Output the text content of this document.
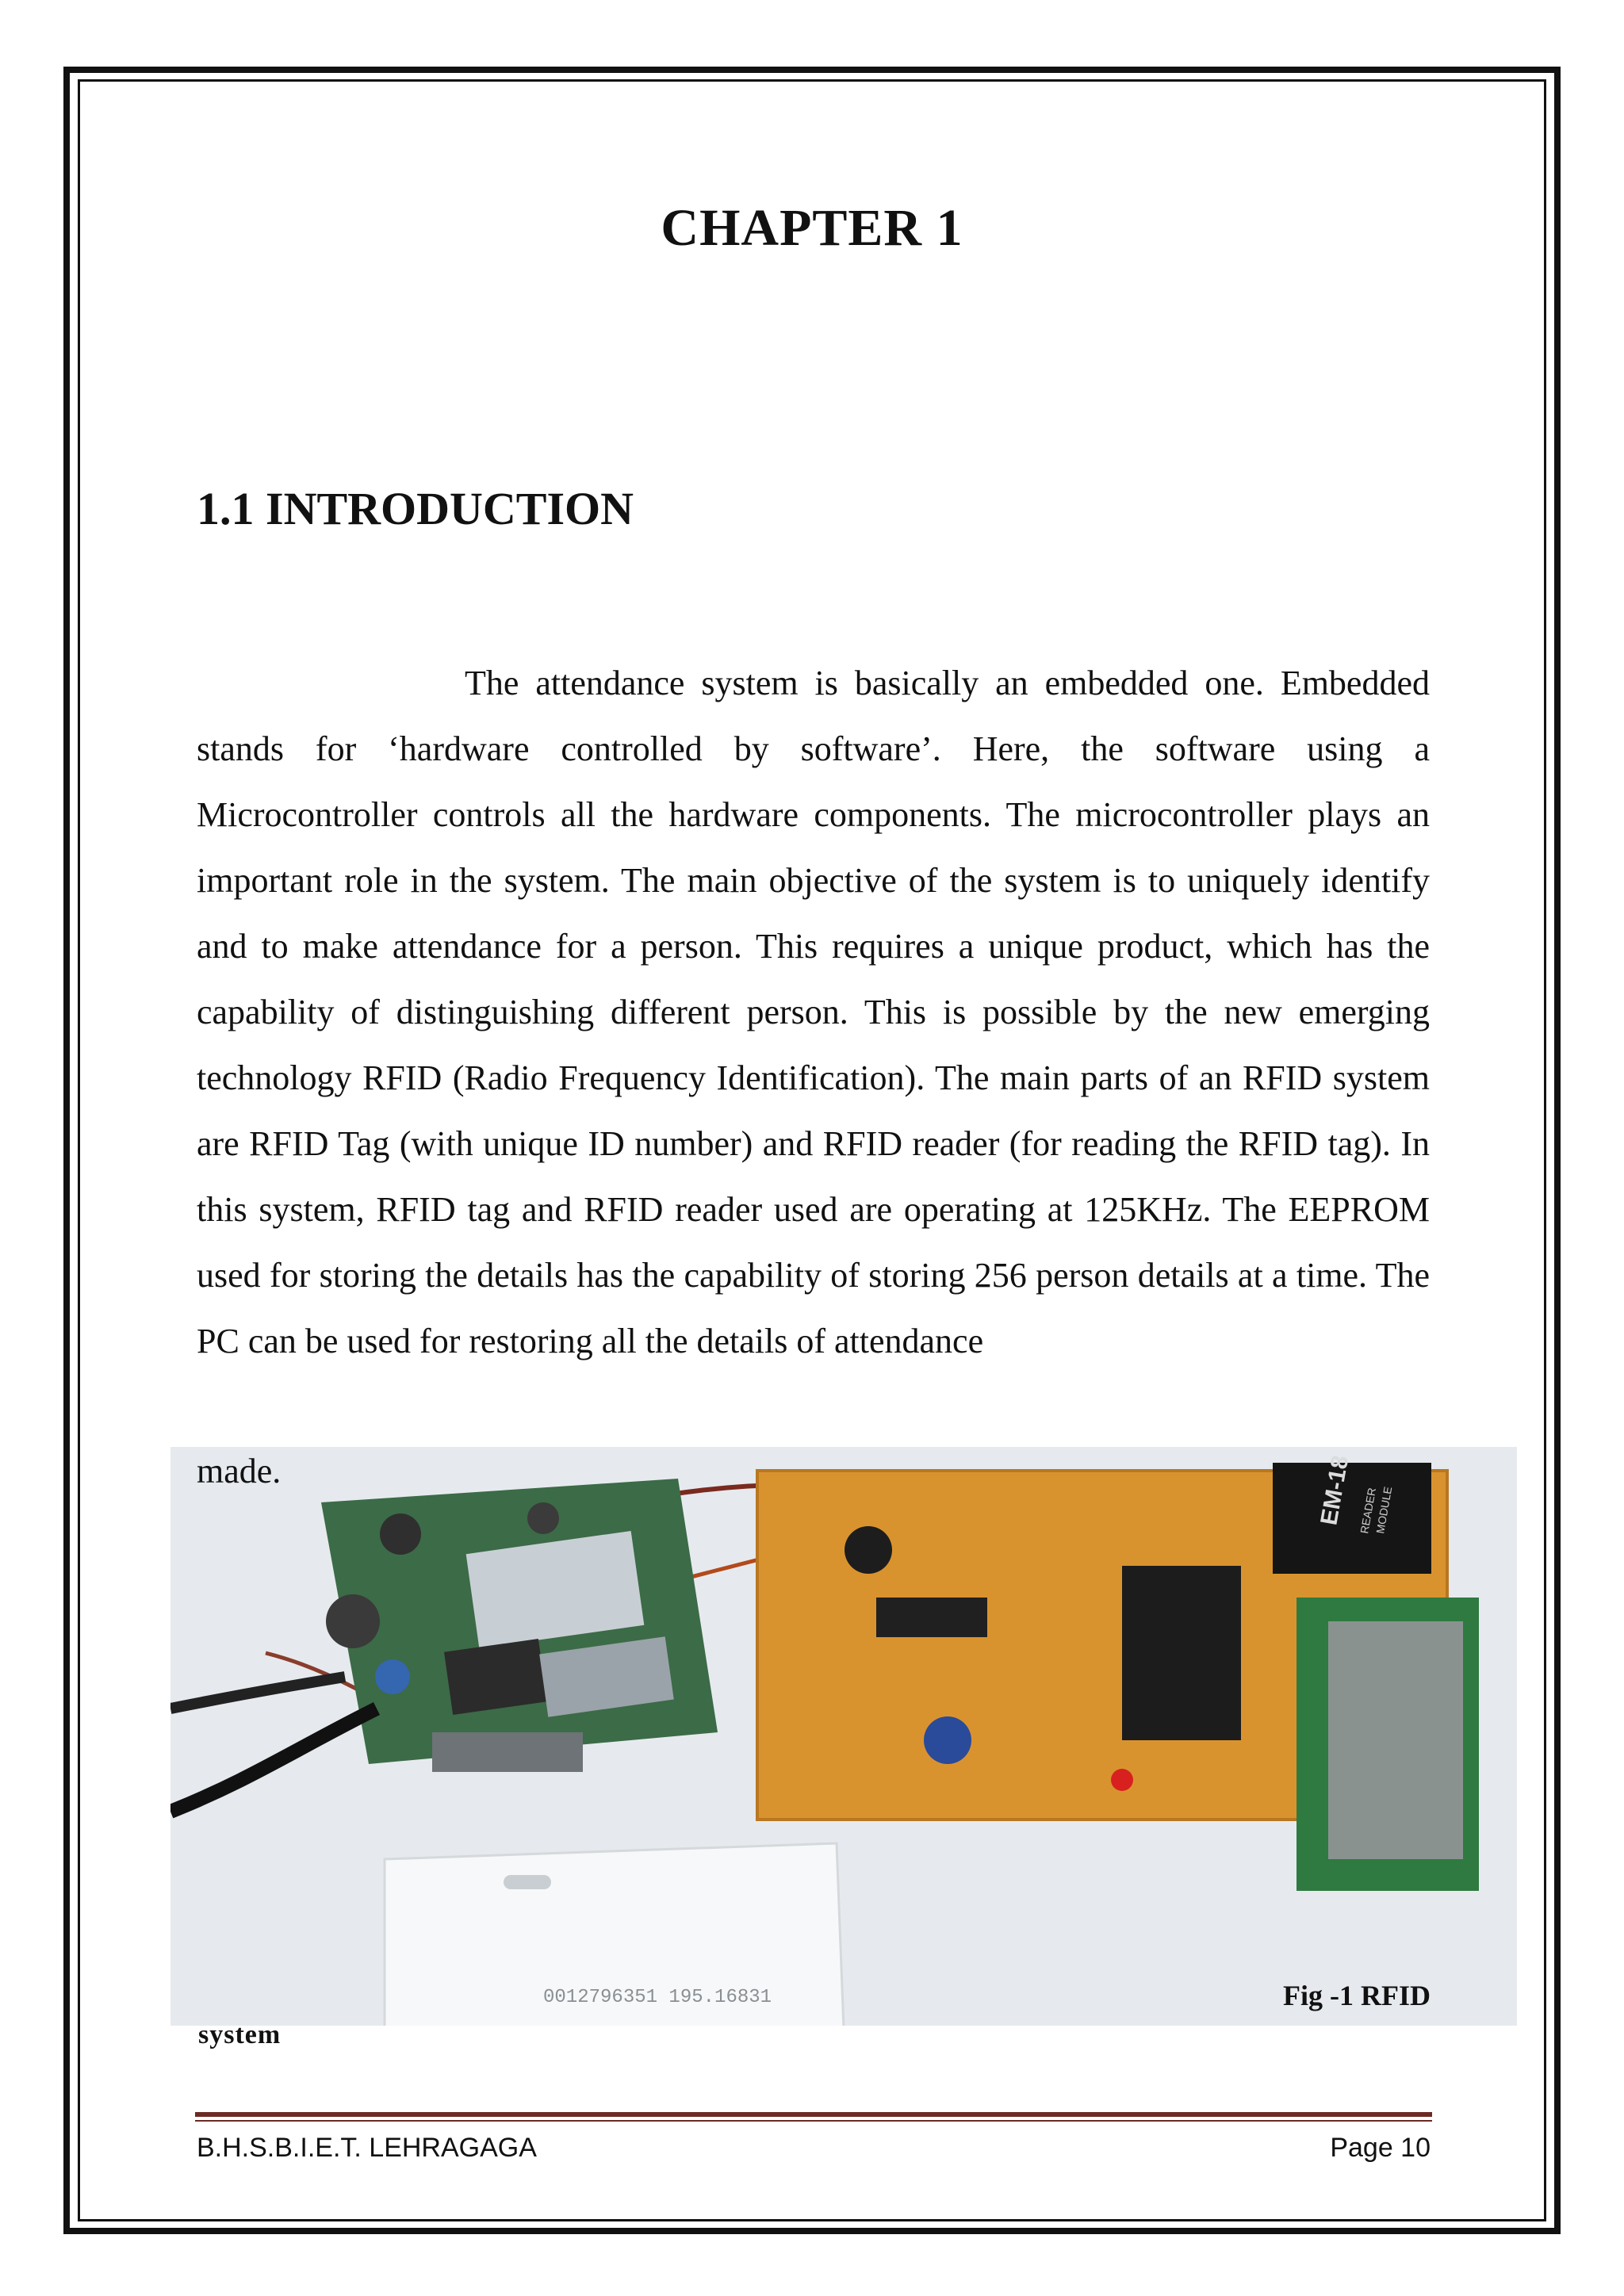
CHAPTER 1
1.1 INTRODUCTION

The attendance system is basically an embedded one. Embedded stands for ‘hardware controlled by software’. Here, the software using a Microcontroller controls all the hardware components. The microcontroller plays an important role in the system. The main objective of the system is to uniquely identify and to make attendance for a person. This requires a unique product, which has the capability of distinguishing different person. This is possible by the new emerging technology RFID (Radio Frequency Identification). The main parts of an RFID system are RFID Tag (with unique ID number) and RFID reader (for reading the RFID tag). In this system, RFID tag and RFID reader used are operating at 125KHz. The EEPROM used for storing the details has the capability of storing 256 person details at a time. The PC can be used for restoring all the details of attendance

EM-18 READER
MODULE
0012796351 195.16831
made.
Fig -1 RFID
system
B.H.S.B.I.E.T. LEHRAGAGA	Page 10
